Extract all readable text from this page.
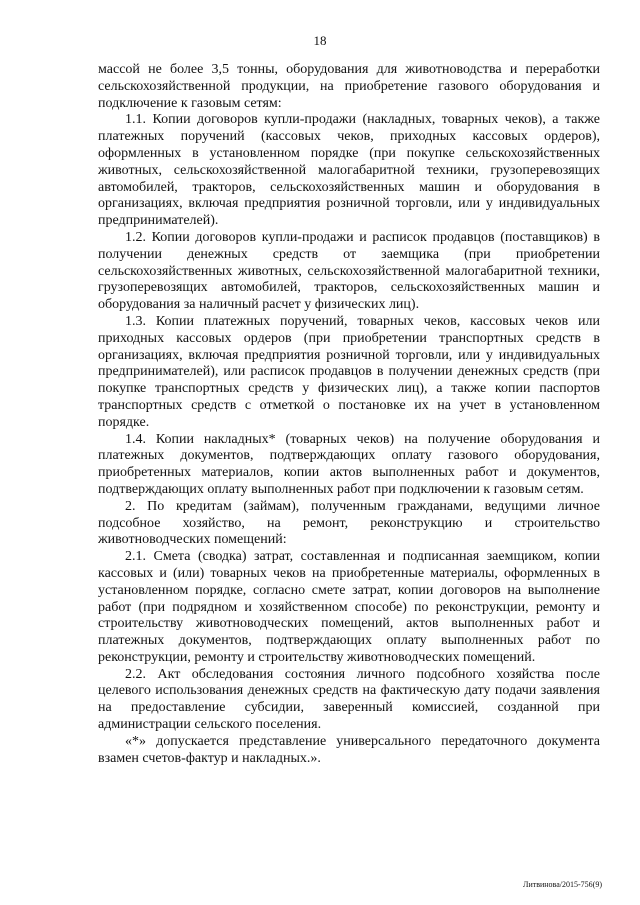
18

массой не более 3,5 тонны, оборудования для животноводства и переработки сельскохозяйственной продукции, на приобретение газового оборудования и подключение к газовым сетям:

1.1. Копии договоров купли-продажи (накладных, товарных чеков), а также платежных поручений (кассовых чеков, приходных кассовых ордеров), оформленных в установленном порядке (при покупке сельскохозяйственных животных, сельскохозяйственной малогабаритной техники, грузоперевозящих автомобилей, тракторов, сельскохозяйственных машин и оборудования в организациях, включая предприятия розничной торговли, или у индивидуальных предпринимателей).

1.2. Копии договоров купли-продажи и расписок продавцов (поставщиков) в получении денежных средств от заемщика (при приобретении сельскохозяйственных животных, сельскохозяйственной малогабаритной техники, грузоперевозящих автомобилей, тракторов, сельскохозяйственных машин и оборудования за наличный расчет у физических лиц).

1.3. Копии платежных поручений, товарных чеков, кассовых чеков или приходных кассовых ордеров (при приобретении транспортных средств в организациях, включая предприятия розничной торговли, или у индивидуальных предпринимателей), или расписок продавцов в получении денежных средств (при покупке транспортных средств у физических лиц), а также копии паспортов транспортных средств с отметкой о постановке их на учет в установленном порядке.

1.4. Копии накладных* (товарных чеков) на получение оборудования и платежных документов, подтверждающих оплату газового оборудования, приобретенных материалов, копии актов выполненных работ и документов, подтверждающих оплату выполненных работ при подключении к газовым сетям.

2. По кредитам (займам), полученным гражданами, ведущими личное подсобное хозяйство, на ремонт, реконструкцию и строительство животноводческих помещений:

2.1. Смета (сводка) затрат, составленная и подписанная заемщиком, копии кассовых и (или) товарных чеков на приобретенные материалы, оформленных в установленном порядке, согласно смете затрат, копии договоров на выполнение работ (при подрядном и хозяйственном способе) по реконструкции, ремонту и строительству животноводческих помещений, актов выполненных работ и платежных документов, подтверждающих оплату выполненных работ по реконструкции, ремонту и строительству животноводческих помещений.

2.2. Акт обследования состояния личного подсобного хозяйства после целевого использования денежных средств на фактическую дату подачи заявления на предоставление субсидии, заверенный комиссией, созданной при администрации сельского поселения.

«*» допускается представление универсального передаточного документа взамен счетов-фактур и накладных.».

Литвинова/2015-756(9)
